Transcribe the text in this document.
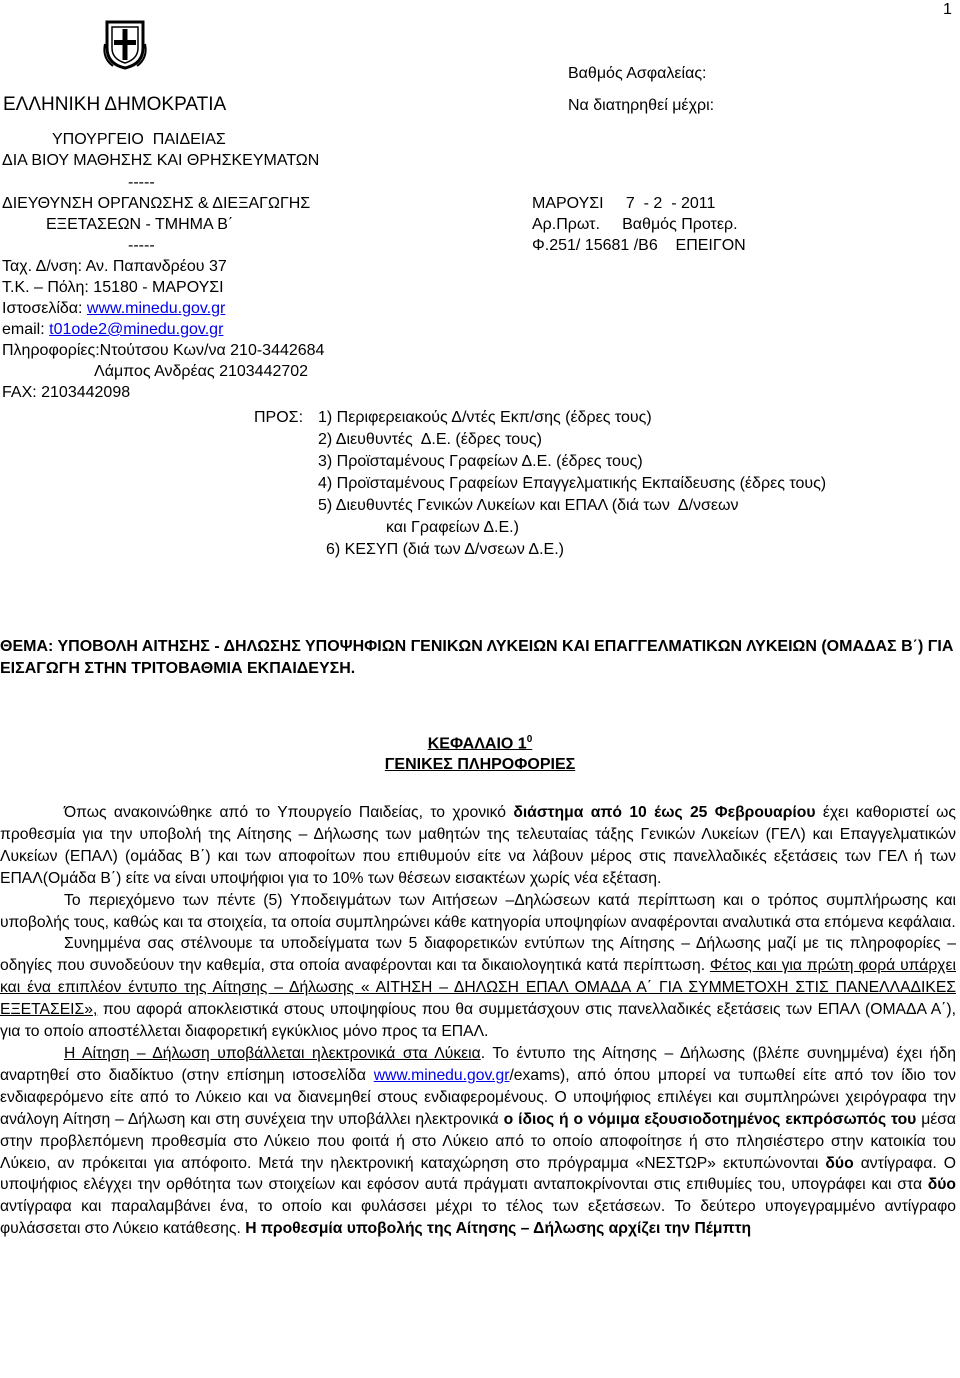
1
Βαθμός Ασφαλείας:
Να διατηρηθεί μέχρι:
ΜΑΡΟΥΣΙ     7  - 2  - 2011
Αρ.Πρωτ.     Βαθμός Προτερ.
Φ.251/ 15681 /Β6    ΕΠΕΙΓΟΝ
ΕΛΛΗΝΙΚΗ ΔΗΜΟΚΡΑΤΙΑ
ΥΠΟΥΡΓΕΙΟ  ΠΑΙΔΕΙΑΣ
ΔΙΑ ΒΙΟΥ ΜΑΘΗΣΗΣ ΚΑΙ ΘΡΗΣΚΕΥΜΑΤΩΝ
-----
ΔΙΕΥΘΥΝΣΗ ΟΡΓΑΝΩΣΗΣ & ΔΙΕΞΑΓΩΓΗΣ
ΕΞΕΤΑΣΕΩΝ - ΤΜΗΜΑ Β΄
-----
Ταχ. Δ/νση: Αν. Παπανδρέου 37
Τ.Κ. – Πόλη: 15180 - ΜΑΡΟΥΣΙ
Ιστοσελίδα: www.minedu.gov.gr
email: t01ode2@minedu.gov.gr
Πληροφορίες:Ντούτσου Κων/να 210-3442684
Λάμπος Ανδρέας 2103442702
FAX: 2103442098
ΠΡΟΣ: 1) Περιφερειακούς Δ/ντές Εκπ/σης (έδρες τους)
2) Διευθυντές  Δ.Ε. (έδρες τους)
3) Προϊσταμένους Γραφείων Δ.Ε. (έδρες τους)
4) Προϊσταμένους Γραφείων Επαγγελματικής Εκπαίδευσης (έδρες τους)
5) Διευθυντές Γενικών Λυκείων και ΕΠΑΛ (διά των  Δ/νσεων
και Γραφείων Δ.Ε.)
6) ΚΕΣΥΠ (διά των Δ/νσεων Δ.Ε.)
ΘΕΜΑ: ΥΠΟΒΟΛΗ ΑΙΤΗΣΗΣ - ΔΗΛΩΣΗΣ ΥΠΟΨΗΦΙΩΝ ΓΕΝΙΚΩΝ ΛΥΚΕΙΩΝ ΚΑΙ ΕΠΑΓΓΕΛΜΑΤΙΚΩΝ ΛΥΚΕΙΩΝ (ΟΜΑΔΑΣ Β΄) ΓΙΑ ΕΙΣΑΓΩΓΗ ΣΤΗΝ ΤΡΙΤΟΒΑΘΜΙΑ ΕΚΠΑΙΔΕΥΣΗ.
ΚΕΦΑΛΑΙΟ $1^0$
ΓΕΝΙΚΕΣ ΠΛΗΡΟΦΟΡΙΕΣ

Όπως ανακοινώθηκε από το Υπουργείο Παιδείας, το χρονικό διάστημα από 10 έως 25 Φεβρουαρίου έχει καθοριστεί ως προθεσμία για την υποβολή της Αίτησης – Δήλωσης των μαθητών της τελευταίας τάξης Γενικών Λυκείων (ΓΕΛ) και Επαγγελματικών Λυκείων (ΕΠΑΛ) (ομάδας Β΄) και των αποφοίτων που επιθυμούν είτε να λάβουν μέρος στις πανελλαδικές εξετάσεις των ΓΕΛ ή των ΕΠΑΛ(Ομάδα Β΄) είτε να είναι υποψήφιοι για το 10% των θέσεων εισακτέων χωρίς νέα εξέταση.

Το περιεχόμενο των πέντε (5) Υποδειγμάτων των Αιτήσεων –Δηλώσεων κατά περίπτωση και ο τρόπος συμπλήρωσης και υποβολής τους, καθώς και τα στοιχεία, τα οποία συμπληρώνει κάθε κατηγορία υποψηφίων αναφέρονται αναλυτικά στα επόμενα κεφάλαια.

Συνημμένα σας στέλνουμε τα υποδείγματα των 5 διαφορετικών εντύπων της Αίτησης – Δήλωσης μαζί με τις πληροφορίες – οδηγίες που συνοδεύουν την καθεμία, στα οποία αναφέρονται και τα δικαιολογητικά κατά περίπτωση. Φέτος και για πρώτη φορά υπάρχει και ένα επιπλέον έντυπο της Αίτησης – Δήλωσης « ΑΙΤΗΣΗ – ΔΗΛΩΣΗ ΕΠΑΛ ΟΜΑΔΑ Α΄ ΓΙΑ ΣΥΜΜΕΤΟΧΗ ΣΤΙΣ ΠΑΝΕΛΛΑΔΙΚΕΣ ΕΞΕΤΑΣΕΙΣ», που αφορά αποκλειστικά στους υποψηφίους που θα συμμετάσχουν στις πανελλαδικές εξετάσεις των ΕΠΑΛ (ΟΜΑΔΑ Α΄), για το οποίο αποστέλλεται διαφορετική εγκύκλιος μόνο προς τα ΕΠΑΛ.

Η Αίτηση – Δήλωση υποβάλλεται ηλεκτρονικά στα Λύκεια. Το έντυπο της Αίτησης – Δήλωσης (βλέπε συνημμένα) έχει ήδη αναρτηθεί στο διαδίκτυο (στην επίσημη ιστοσελίδα www.minedu.gov.gr/exams), από όπου μπορεί να τυπωθεί είτε από τον ίδιο τον ενδιαφερόμενο είτε από το Λύκειο και να διανεμηθεί στους ενδιαφερομένους. Ο υποψήφιος επιλέγει και συμπληρώνει χειρόγραφα την ανάλογη Αίτηση – Δήλωση και στη συνέχεια την υποβάλλει ηλεκτρονικά ο ίδιος ή ο νόμιμα εξουσιοδοτημένος εκπρόσωπός του μέσα στην προβλεπόμενη προθεσμία στο Λύκειο που φοιτά ή στο Λύκειο από το οποίο αποφοίτησε ή στο πλησιέστερο στην κατοικία του Λύκειο, αν πρόκειται για απόφοιτο. Μετά την ηλεκτρονική καταχώρηση στο πρόγραμμα «ΝΕΣΤΩΡ» εκτυπώνονται δύο αντίγραφα. Ο υποψήφιος ελέγχει την ορθότητα των στοιχείων και εφόσον αυτά πράγματι ανταποκρίνονται στις επιθυμίες του, υπογράφει και στα δύο αντίγραφα και παραλαμβάνει ένα, το οποίο και φυλάσσει μέχρι το τέλος των εξετάσεων. Το δεύτερο υπογεγραμμένο αντίγραφο φυλάσσεται στο Λύκειο κατάθεσης. Η προθεσμία υποβολής της Αίτησης – Δήλωσης αρχίζει την Πέμπτη
